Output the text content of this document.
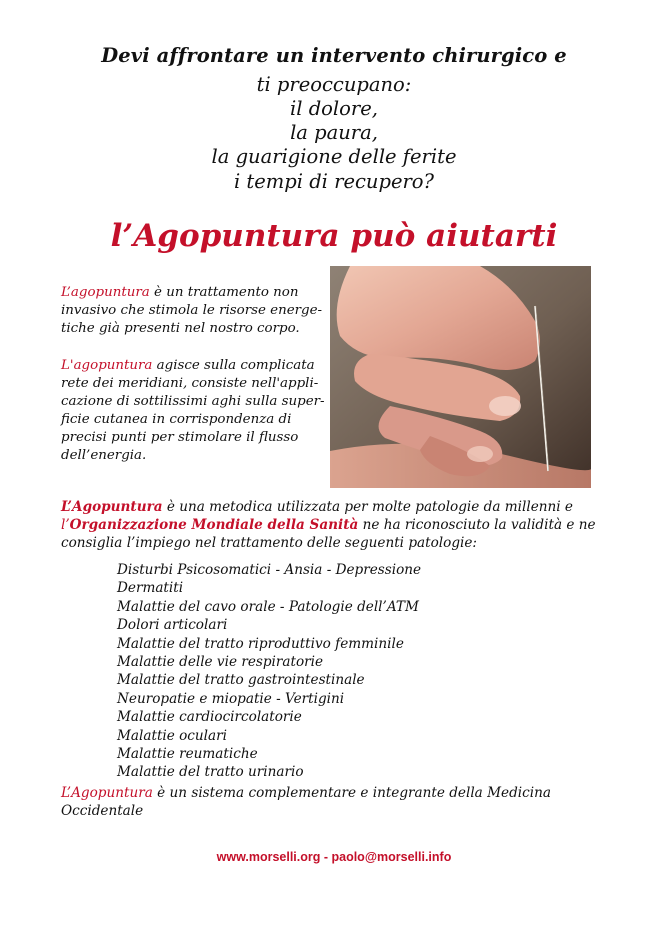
Devi affrontare un intervento chirurgico e
ti preoccupano:
il dolore,
la paura,
la guarigione delle ferite
i tempi di recupero?
l’Agopuntura può aiutarti
L’agopuntura è un trattamento non invasivo che stimola le risorse energe-tiche già presenti nel nostro corpo.
L'agopuntura agisce sulla complicata rete dei meridiani, consiste nell'appli-cazione di sottilissimi aghi sulla super-ficie cutanea in corrispondenza di precisi punti per stimolare il flusso dell’energia.
L’Agopuntura è una metodica utilizzata per molte patologie da millenni e
l’Organizzazione Mondiale della Sanità ne ha riconosciuto la validità e ne consiglia l’impiego nel trattamento delle seguenti patologie:
Disturbi Psicosomatici - Ansia - Depressione
Dermatiti
Malattie del cavo orale - Patologie dell’ATM
Dolori articolari
Malattie del tratto riproduttivo femminile
Malattie delle vie respiratorie
Malattie del tratto gastrointestinale
Neuropatie e miopatie - Vertigini
Malattie cardiocircolatorie
Malattie oculari
Malattie reumatiche
Malattie del tratto urinario
L’Agopuntura è un sistema complementare e integrante della Medicina Occidentale
www.morselli.org - paolo@morselli.info
